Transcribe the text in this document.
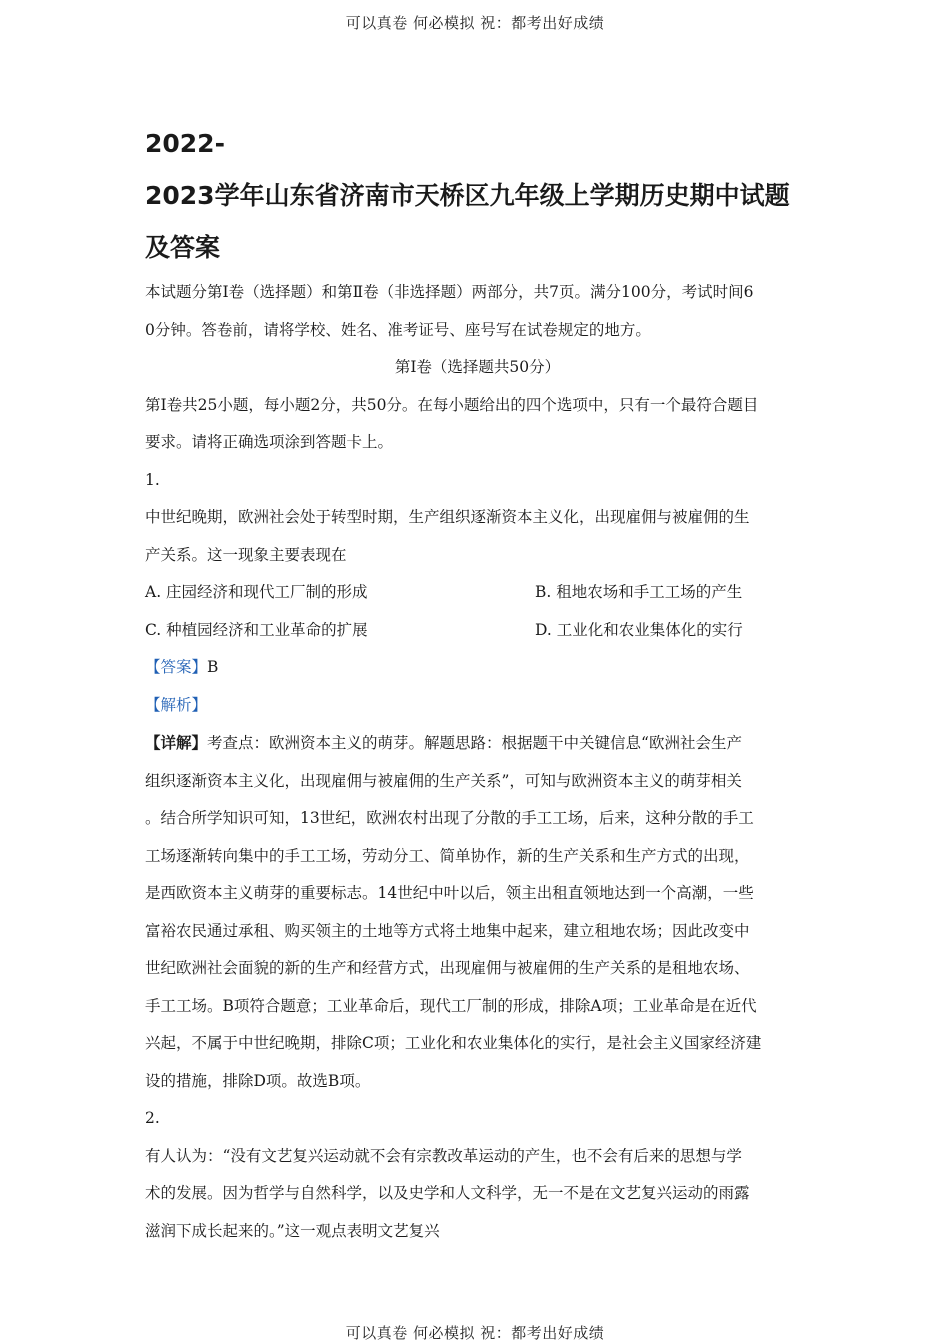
可以真卷 何必模拟 祝：都考出好成绩
2022-
2023学年山东省济南市天桥区九年级上学期历史期中试题
及答案

本试题分第Ⅰ卷（选择题）和第Ⅱ卷（非选择题）两部分，共7页。满分100分，考试时间6

0分钟。答卷前，请将学校、姓名、准考证号、座号写在试卷规定的地方。

第Ⅰ卷（选择题共50分）

第Ⅰ卷共25小题，每小题2分，共50分。在每小题给出的四个选项中，只有一个最符合题目

要求。请将正确选项涂到答题卡上。

1.

中世纪晚期，欧洲社会处于转型时期，生产组织逐渐资本主义化，出现雇佣与被雇佣的生

产关系。这一现象主要表现在

A. 庄园经济和现代工厂制的形成	B. 租地农场和手工工场的产生
C. 种植园经济和工业革命的扩展	D. 工业化和农业集体化的实行

【答案】B

【解析】

【详解】考查点：欧洲资本主义的萌芽。解题思路：根据题干中关键信息“欧洲社会生产

组织逐渐资本主义化，出现雇佣与被雇佣的生产关系”，可知与欧洲资本主义的萌芽相关

。结合所学知识可知，13世纪，欧洲农村出现了分散的手工工场，后来，这种分散的手工

工场逐渐转向集中的手工工场，劳动分工、简单协作，新的生产关系和生产方式的出现，

是西欧资本主义萌芽的重要标志。14世纪中叶以后，领主出租直领地达到一个高潮，一些

富裕农民通过承租、购买领主的土地等方式将土地集中起来，建立租地农场；因此改变中

世纪欧洲社会面貌的新的生产和经营方式，出现雇佣与被雇佣的生产关系的是租地农场、

手工工场。B项符合题意；工业革命后，现代工厂制的形成，排除A项；工业革命是在近代

兴起，不属于中世纪晚期，排除C项；工业化和农业集体化的实行，是社会主义国家经济建

设的措施，排除D项。故选B项。

2.

有人认为：“没有文艺复兴运动就不会有宗教改革运动的产生，也不会有后来的思想与学

术的发展。因为哲学与自然科学，以及史学和人文科学，无一不是在文艺复兴运动的雨露

滋润下成长起来的。”这一观点表明文艺复兴

可以真卷 何必模拟 祝：都考出好成绩
